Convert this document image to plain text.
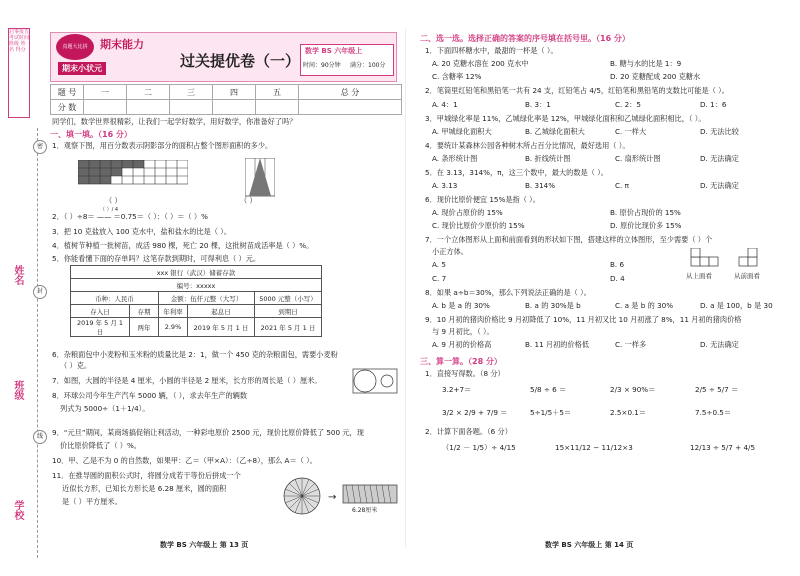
启事报告 考试时间 班级 姓名 得分
密
姓名
封
班级
线
学校
真题大比拼	期末能力
期末小状元	过关提优卷（一）
数学 BS 六年级上
时间：90分钟 满分：100分
题 号	一	二	三	四	五	总 分
分 数						
同学们，数学世界很精彩，让我们一起学好数学，用好数学，你准备好了吗？
一、填一填。（16 分）
1．观察下图，用百分数表示阴影部分的面积占整个图形面积的多少。
（ ）	（ ）
2．（ ）÷8＝ —— ＝0.75＝（ ）：（ ）＝（ ）%
（ ）/ 4
3．把 10 克盐放入 100 克水中，盐和盐水的比是（ ）。
4．植树节种植一批树苗，成活 980 棵，死亡 20 棵，这批树苗成活率是（ ）%。
5．你能看懂下面的存单吗？这笔存款到期时，可得利息（ ）元。
xxx 银行（武汉）储蓄存款				
编号：xxxxx				
币种：人民币		金额：伍仟元整（大写）		5000 元整（小写）
存入日	存期	年利率	起息日	到期日
2019 年 5 月 1 日	两年	2.9%	2019 年 5 月 1 日	2021 年 5 月 1 日
6．杂粮面包中小麦粉和玉米粉的质量比是 2：1，做一个 450 克的杂粮面包，需要小麦粉
（ ）克。
7．如图，大圆的半径是 4 厘米，小圆的半径是 2 厘米，长方形的周长是（ ）厘米。
8．环球公司今年生产汽车 5000 辆，（ ），求去年生产的辆数
列式为 5000÷（1＋1/4）。
9．“元旦”期间，某商场搞促销让利活动，一种彩电原价 2500 元，现价比原价降低了 500 元，现
价比原价降低了（ ）%。
10．甲、乙是不为 0 的自然数，如果甲：乙＝（甲×A）：（乙÷8），那么 A＝（ ）。
11．在推导圆的面积公式时，将圆分成若干等份后拼成一个
近似长方形，已知长方形长是 6.28 厘米，圆的面积
是（ ）平方厘米。	→
6.28厘米
数学 BS 六年级上 第 13 页
二、选一选。选择正确的答案的序号填在括号里。（16 分）
1．下面四杯糖水中，最甜的一杯是（ ）。
A. 20 克糖水溶在 200 克水中	B. 糖与水的比是 1：9
C. 含糖率 12%	D. 20 克糖配成 200 克糖水
2．笔筒里红铅笔和黑铅笔一共有 24 支，红铅笔占 4/5，红铅笔和黑铅笔的支数比可能是（ ）。
A. 4：1	B. 3：1	C. 2：5	D. 1：6
3．甲城绿化率是 11%，乙城绿化率是 12%，甲城绿化面积和乙城绿化面积相比，（ ）。
A. 甲城绿化面积大	B. 乙城绿化面积大	C. 一样大	D. 无法比较
4．要统计某森林公园各种树木所占百分比情况，最好选用（ ）。
A. 条形统计图	B. 折线统计图	C. 扇形统计图	D. 无法确定
5．在 3.13，314%，π，这三个数中，最大的数是（ ）。
A. 3.13	B. 314%	C. π	D. 无法确定
6．现价比原价便宜 15%是指（ ）。
A. 现价占原价的 15%	B. 原价占现价的 15%
C. 现价比原价少原价的 15%	D. 原价比现价多 15%
7．一个立体图形从上面和前面看到的形状如下图，搭建这样的立体图形，至少需要（ ）个
小正方体。
A. 5	B. 6
C. 7	D. 4	从上面看	从前面看
8．如果 a÷b＝30%，那么下列说法正确的是（ ）。
A. b 是 a 的 30%	B. a 的 30%是 b	C. a 是 b 的 30%	D. a 是 100，b 是 30
9．10 月初的猪肉价格比 9 月初降低了 10%，11 月初又比 10 月初涨了 8%，11 月初的猪肉价格
与 9 月初比，（ ）。
A. 9 月初的价格高	B. 11 月初的价格低	C. 一样多	D. 无法确定
三、算一算。（28 分）
1．直接写得数。（8 分）
3.2+7＝	5/8 ÷ 6 ＝	2/3 × 90%＝	2/5 ÷ 5/7 ＝
3/2 × 2/9 + 7/9 ＝	5÷1/5＋5＝	2.5×0.1＝	7.5÷0.5＝
2．计算下面各题。（6 分）
（1/2 － 1/5）÷ 4/15	15×11/12 − 11/12×3	12/13 ÷ 5/7 + 4/5
数学 BS 六年级上 第 14 页
